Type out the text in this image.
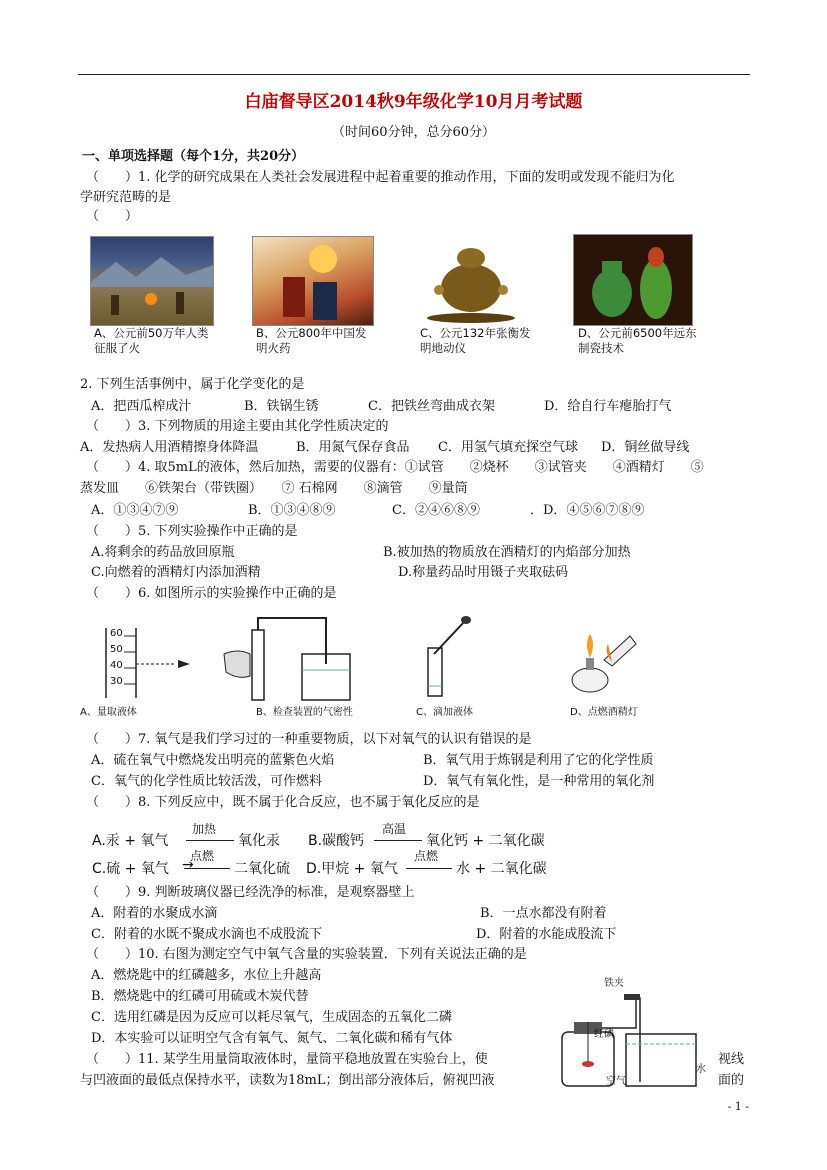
白庙督导区2014秋9年级化学10月月考试题
（时间60分钟，总分60分）
一、单项选择题（每个1分，共20分）
（　　）1. 化学的研究成果在人类社会发展进程中起着重要的推动作用，下面的发明或发现不能归为化
学研究范畴的是
（　　）
A、公元前50万年人类征服了火
B、公元800年中国发明火药
C、公元132年张衡发明地动仪
D、公元前6500年远东制瓷技术
2. 下列生活事例中，属于化学变化的是
A．把西瓜榨成汁	B．铁锅生锈	C．把铁丝弯曲成衣架	D．给自行车瘪胎打气
（　　）3. 下列物质的用途主要由其化学性质决定的
A．发热病人用酒精擦身体降温	B．用氮气保存食品 C．用氢气填充探空气球 D．铜丝做导线
（　　）4. 取5mL的液体，然后加热，需要的仪器有：①试管　　②烧杯　　③试管夹　　④酒精灯　　⑤
蒸发皿　　⑥铁架台（带铁圈）　　⑦ 石棉网　　⑧滴管　　⑨量筒
A．①③④⑦⑨	B．①③④⑧⑨	C．②④⑥⑧⑨	．D．④⑤⑥⑦⑧⑨
（　　）5. 下列实验操作中正确的是
A.将剩余的药品放回原瓶	B.被加热的物质放在酒精灯的内焰部分加热
C.向燃着的酒精灯内添加酒精	D.称量药品时用镊子夹取砝码
（　　）6. 如图所示的实验操作中正确的是
60
50
40
30
A、量取液体	B、检查装置的气密性	C、滴加液体	D、点燃酒精灯
（　　）7. 氧气是我们学习过的一种重要物质，以下对氧气的认识有错误的是
A．硫在氧气中燃烧发出明亮的蓝紫色火焰	B．氧气用于炼钢是利用了它的化学性质
C．氧气的化学性质比较活泼，可作燃料	D．氧气有氧化性，是一种常用的氧化剂
（　　）8. 下列反应中，既不属于化合反应，也不属于氧化反应的是
A.汞 + 氧气
加热
氧化汞 B.碳酸钙
高温
氧化钙 + 二氧化碳
C.硫 + 氧气
点燃
→	二氧化硫 D.甲烷 + 氧气
点燃
水 + 二氧化碳
（　　）9. 判断玻璃仪器已经洗净的标准，是观察器壁上
A．附着的水聚成水滴	B．一点水都没有附着
C．附着的水既不聚成水滴也不成股流下	D．附着的水能成股流下
（　　）10. 右图为测定空气中氧气含量的实验装置．下列有关说法正确的是
A．燃烧匙中的红磷越多，水位上升越高
B．燃烧匙中的红磷可用硫或木炭代替
C．选用红磷是因为反应可以耗尽氧气，生成固态的五氧化二磷
D．本实验可以证明空气含有氧气、氮气、二氧化碳和稀有气体
铁夹
红磷
空气
水
（　　）11. 某学生用量筒取液体时，量筒平稳地放置在实验台上，使	视线
与凹液面的最低点保持水平，读数为18mL；倒出部分液体后，俯视凹液	面的
- 1 -
